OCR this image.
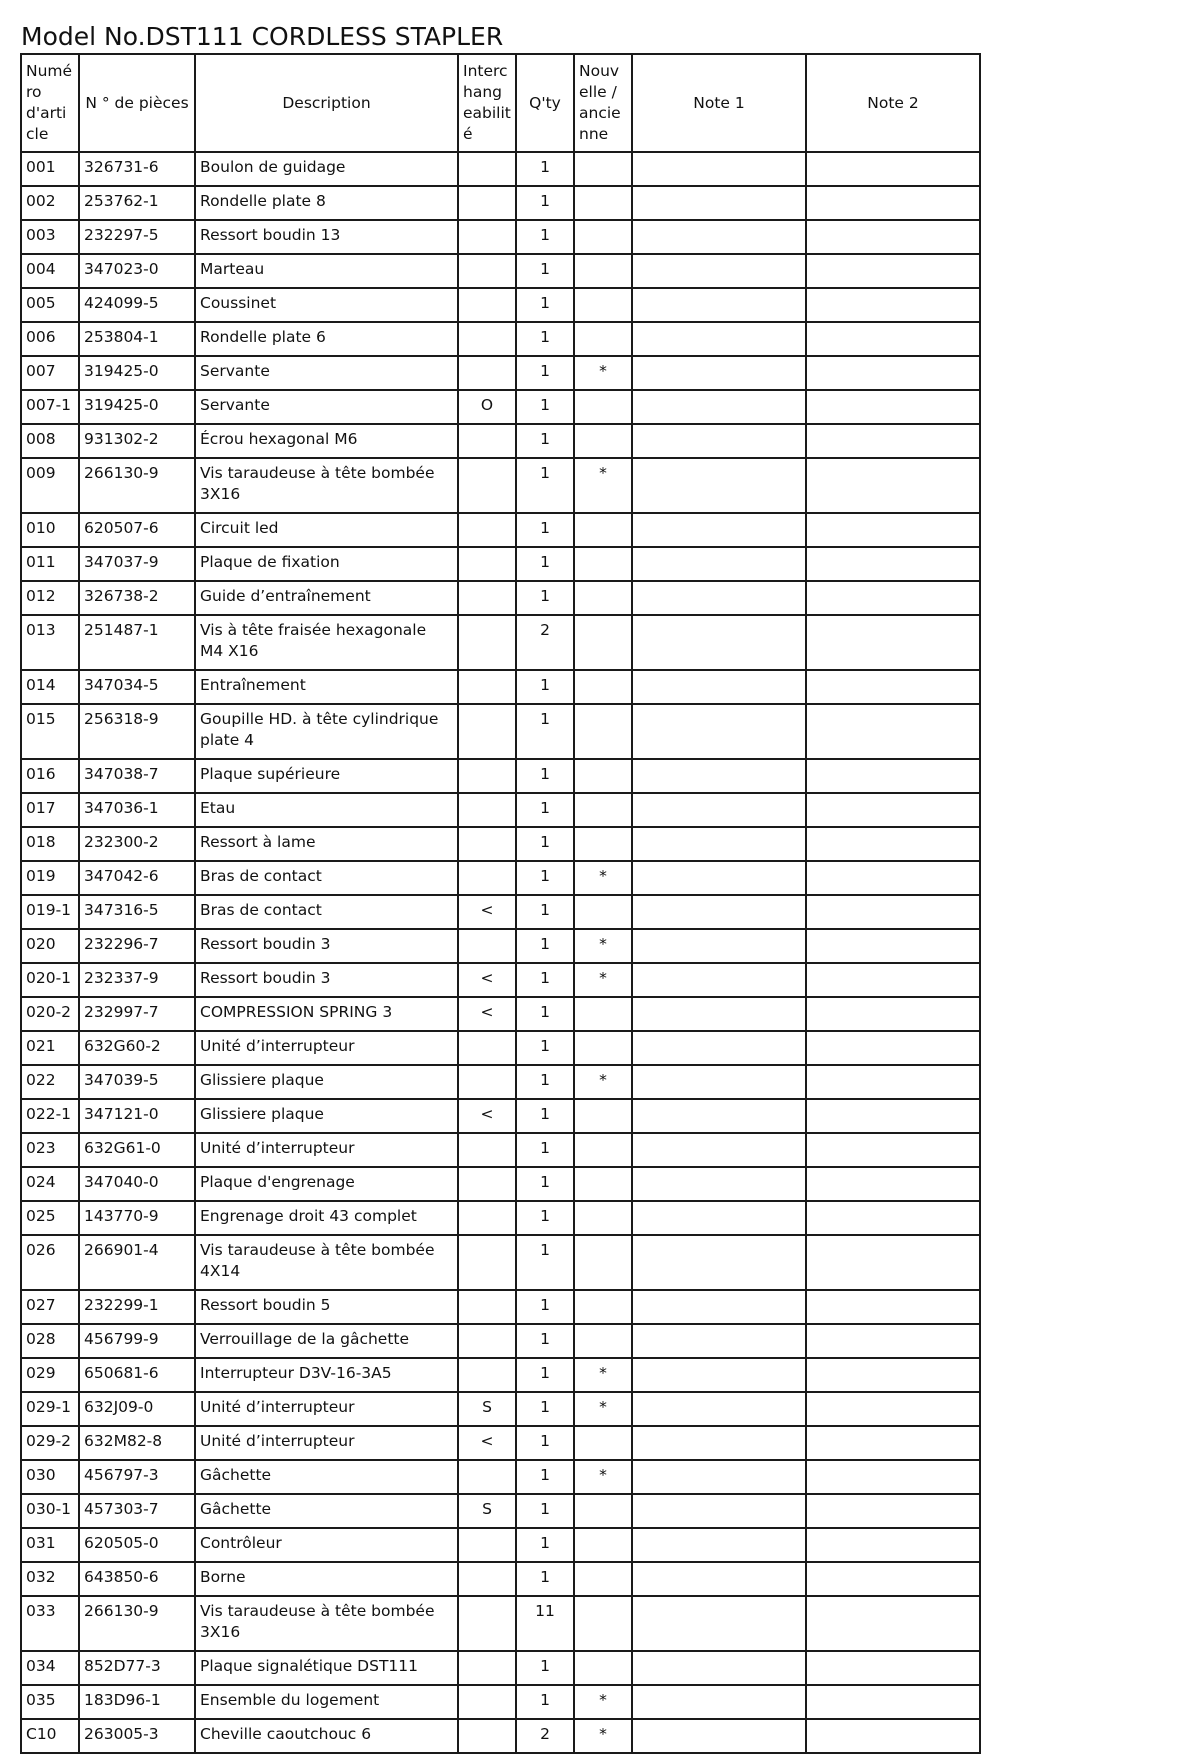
Model No.DST111 CORDLESS STAPLER
Numéro d'article	N ° de pièces	Description	Interchangeabilité	Q'ty	Nouvelle / ancienne	Note 1	Note 2
001	326731-6	Boulon de guidage		1			
002	253762-1	Rondelle plate 8		1			
003	232297-5	Ressort boudin 13		1			
004	347023-0	Marteau		1			
005	424099-5	Coussinet		1			
006	253804-1	Rondelle plate 6		1			
007	319425-0	Servante		1	*		
007-1	319425-0	Servante	O	1			
008	931302-2	Écrou hexagonal M6		1			
009	266130-9	Vis taraudeuse à tête bombée 3X16		1	*		
010	620507-6	Circuit led		1			
011	347037-9	Plaque de fixation		1			
012	326738-2	Guide d’entraînement		1			
013	251487-1	Vis à tête fraisée hexagonale M4 X16		2			
014	347034-5	Entraînement		1			
015	256318-9	Goupille HD. à tête cylindrique plate 4		1			
016	347038-7	Plaque supérieure		1			
017	347036-1	Etau		1			
018	232300-2	Ressort à lame		1			
019	347042-6	Bras de contact		1	*		
019-1	347316-5	Bras de contact	<	1			
020	232296-7	Ressort boudin 3		1	*		
020-1	232337-9	Ressort boudin 3	<	1	*		
020-2	232997-7	COMPRESSION SPRING 3	<	1			
021	632G60-2	Unité d’interrupteur		1			
022	347039-5	Glissiere plaque		1	*		
022-1	347121-0	Glissiere plaque	<	1			
023	632G61-0	Unité d’interrupteur		1			
024	347040-0	Plaque d'engrenage		1			
025	143770-9	Engrenage droit 43 complet		1			
026	266901-4	Vis taraudeuse à tête bombée 4X14		1			
027	232299-1	Ressort boudin 5		1			
028	456799-9	Verrouillage de la gâchette		1			
029	650681-6	Interrupteur D3V-16-3A5		1	*		
029-1	632J09-0	Unité d’interrupteur	S	1	*		
029-2	632M82-8	Unité d’interrupteur	<	1			
030	456797-3	Gâchette		1	*		
030-1	457303-7	Gâchette	S	1			
031	620505-0	Contrôleur		1			
032	643850-6	Borne		1			
033	266130-9	Vis taraudeuse à tête bombée 3X16		11			
034	852D77-3	Plaque signalétique DST111		1			
035	183D96-1	Ensemble du logement		1	*		
C10	263005-3	Cheville caoutchouc 6		2	*		
